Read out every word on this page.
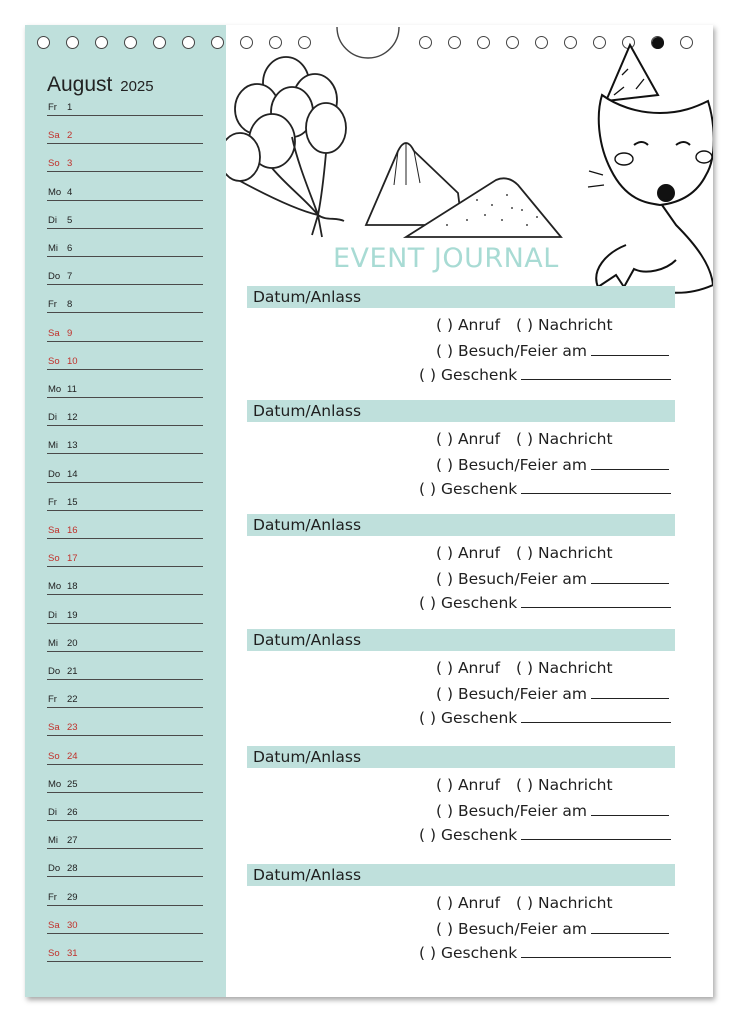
August 2025
Fr 1
Sa 2
So 3
Mo 4
Di 5
Mi 6
Do 7
Fr 8
Sa 9
So 10
Mo 11
Di 12
Mi 13
Do 14
Fr 15
Sa 16
So 17
Mo 18
Di 19
Mi 20
Do 21
Fr 22
Sa 23
So 24
Mo 25
Di 26
Mi 27
Do 28
Fr 29
Sa 30
So 31
EVENT JOURNAL
Datum/Anlass
( ) Anruf ( ) Nachricht
( ) Besuch/Feier am
( ) Geschenk
Datum/Anlass
( ) Anruf ( ) Nachricht
( ) Besuch/Feier am
( ) Geschenk
Datum/Anlass
( ) Anruf ( ) Nachricht
( ) Besuch/Feier am
( ) Geschenk
Datum/Anlass
( ) Anruf ( ) Nachricht
( ) Besuch/Feier am
( ) Geschenk
Datum/Anlass
( ) Anruf ( ) Nachricht
( ) Besuch/Feier am
( ) Geschenk
Datum/Anlass
( ) Anruf ( ) Nachricht
( ) Besuch/Feier am
( ) Geschenk
